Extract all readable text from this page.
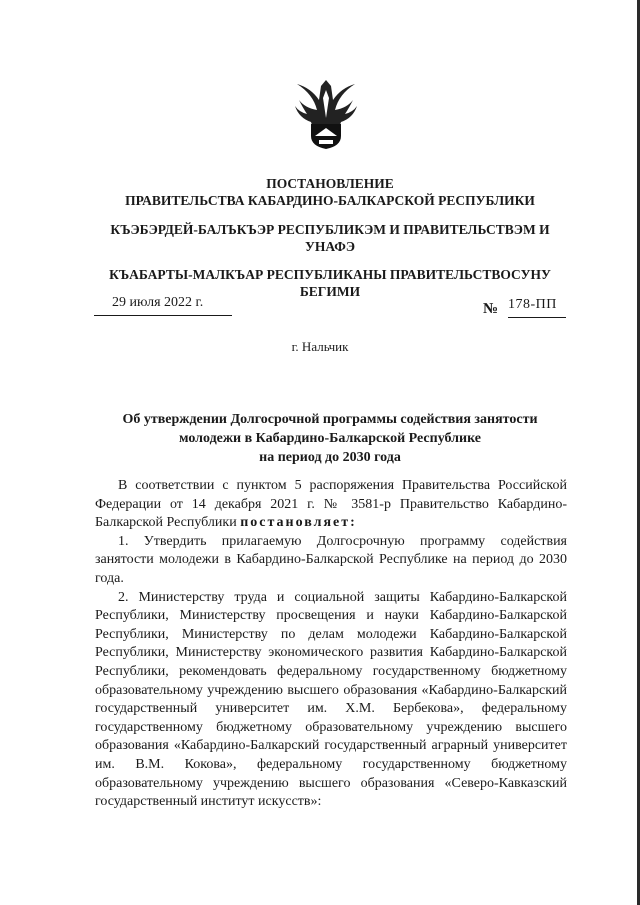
ПОСТАНОВЛЕНИЕ
ПРАВИТЕЛЬСТВА КАБАРДИНО-БАЛКАРСКОЙ РЕСПУБЛИКИ
КЪЭБЭРДЕЙ-БАЛЪКЪЭР РЕСПУБЛИКЭМ И ПРАВИТЕЛЬСТВЭМ И
УНАФЭ
КЪАБАРТЫ-МАЛКЪАР РЕСПУБЛИКАНЫ ПРАВИТЕЛЬСТВОСУНУ
БЕГИМИ
29 июля 2022 г.	№ 178-ПП
г. Нальчик
Об утверждении Долгосрочной программы содействия занятости
молодежи в Кабардино-Балкарской Республике
на период до 2030 года

В соответствии с пунктом 5 распоряжения Правительства Российской Федерации от 14 декабря 2021 г. № 3581-р Правительство Кабардино-Балкарской Республики постановляет:

1. Утвердить прилагаемую Долгосрочную программу содействия занятости молодежи в Кабардино-Балкарской Республике на период до 2030 года.

2. Министерству труда и социальной защиты Кабардино-Балкарской Республики, Министерству просвещения и науки Кабардино-Балкарской Республики, Министерству по делам молодежи Кабардино-Балкарской Республики, Министерству экономического развития Кабардино-Балкарской Республики, рекомендовать федеральному государственному бюджетному образовательному учреждению высшего образования «Кабардино-Балкарский государственный университет им. Х.М. Бербекова», федеральному государственному бюджетному образовательному учреждению высшего образования «Кабардино-Балкарский государственный аграрный университет им. В.М. Кокова», федеральному государственному бюджетному образовательному учреждению высшего образования «Северо-Кавказский государственный институт искусств»:
